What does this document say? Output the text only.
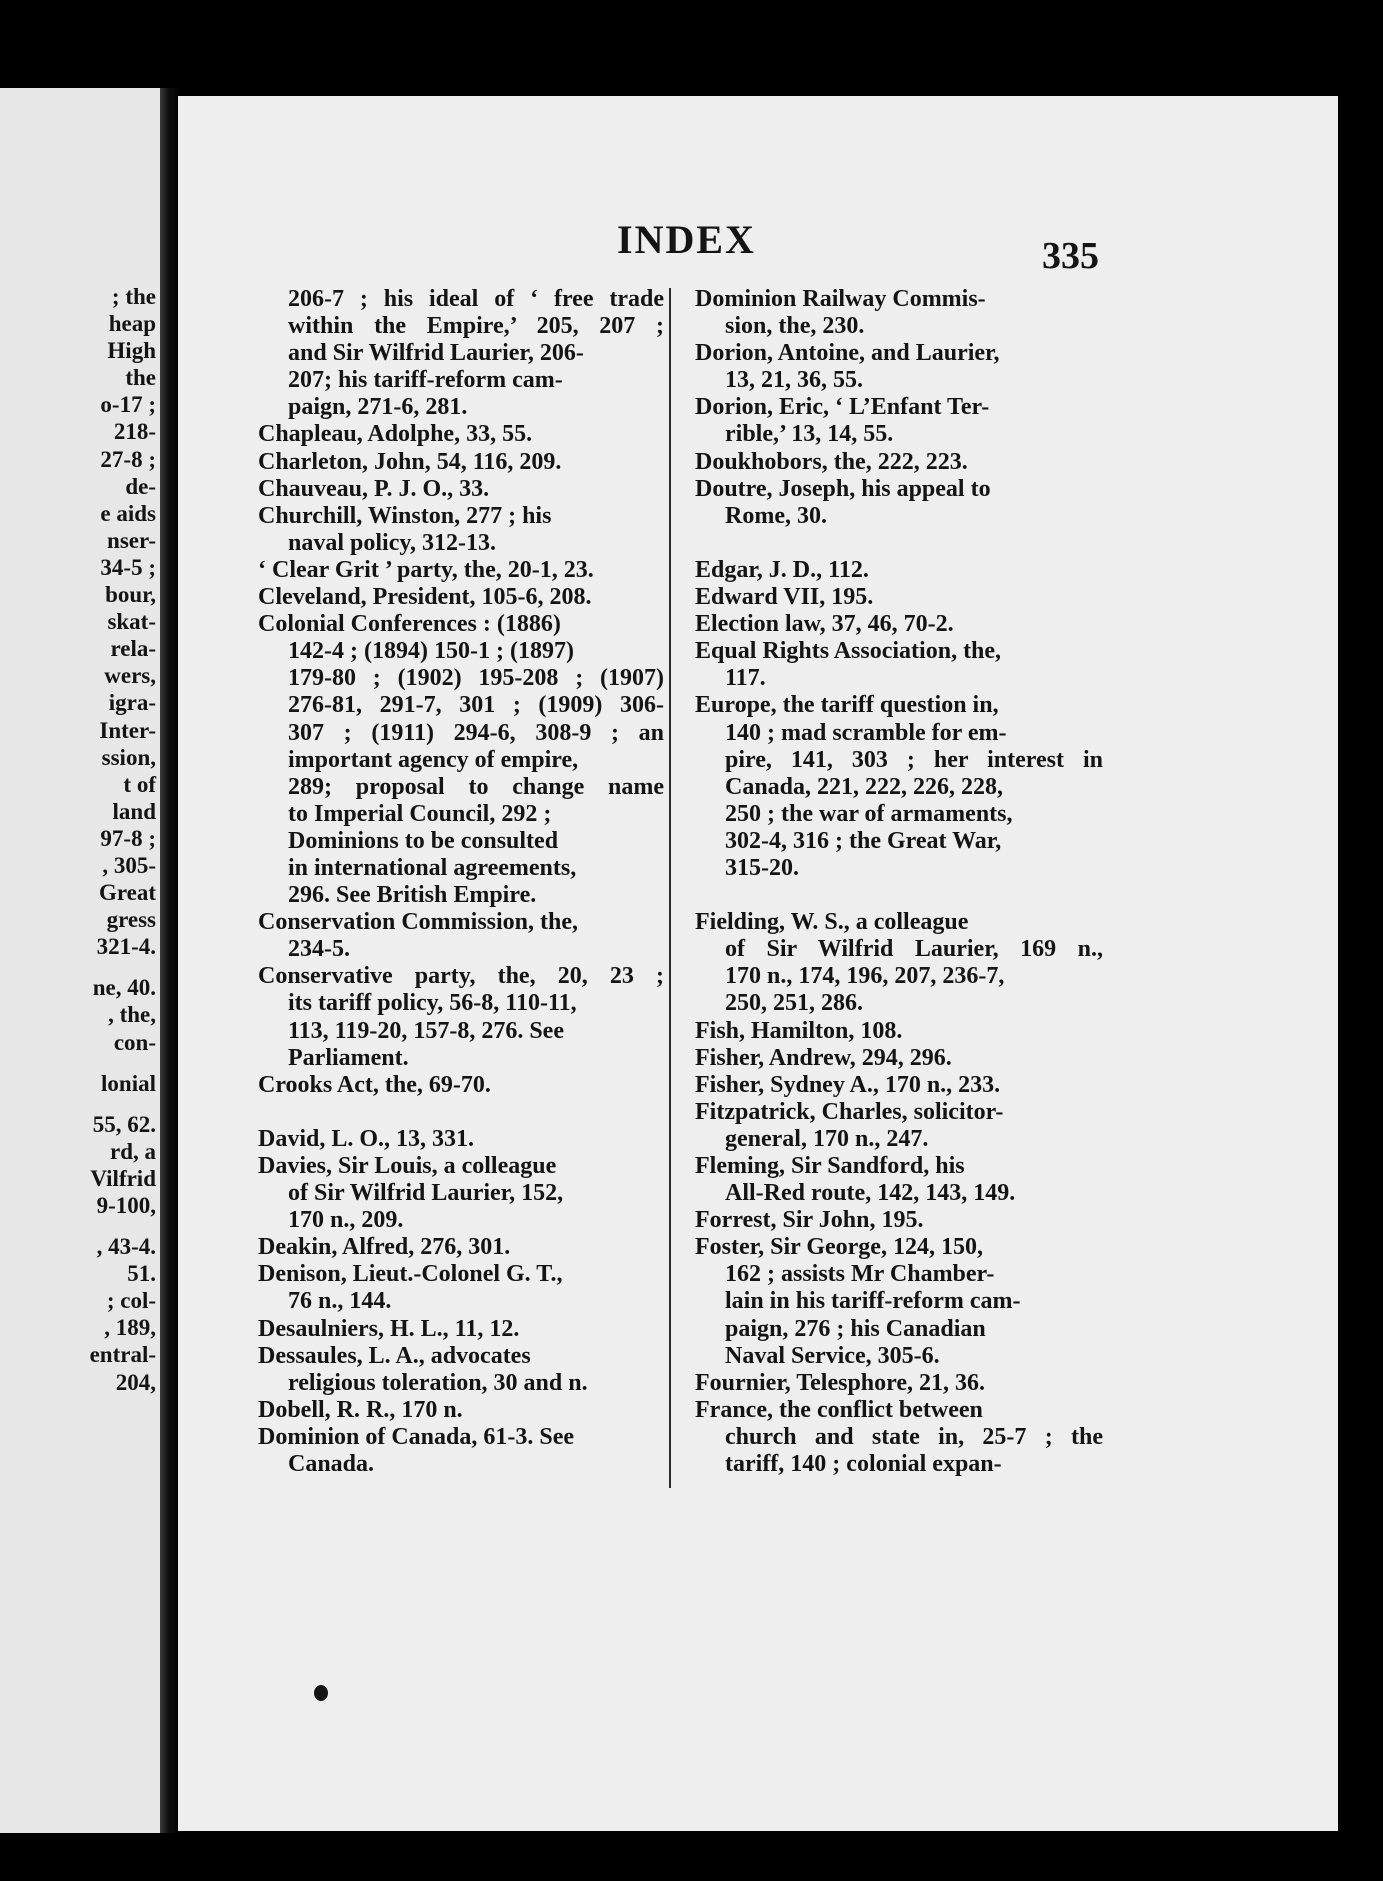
; the
heap
High
the
o-17 ;
218-
27-8 ;
de-
e aids
nser-
34-5 ;
bour,
skat-
rela-
wers,
igra-
Inter-
ssion,
t of
land
97-8 ;
, 305-
Great
gress
321-4.
ne, 40.
, the,
con-
lonial
55, 62.
rd, a
Vilfrid
9-100,
, 43-4.
51.
; col-
, 189,
entral-
204,
INDEX	335
206-7 ; his ideal of ‘ free trade
within the Empire,’ 205, 207 ;
and Sir Wilfrid Laurier, 206-
207; his tariff-reform cam-
paign, 271-6, 281.
Chapleau, Adolphe, 33, 55.
Charleton, John, 54, 116, 209.
Chauveau, P. J. O., 33.
Churchill, Winston, 277 ; his
naval policy, 312-13.
‘ Clear Grit ’ party, the, 20-1, 23.
Cleveland, President, 105-6, 208.
Colonial Conferences : (1886)
142-4 ; (1894) 150-1 ; (1897)
179-80 ; (1902) 195-208 ; (1907)
276-81, 291-7, 301 ; (1909) 306-
307 ; (1911) 294-6, 308-9 ; an
important agency of empire,
289; proposal to change name
to Imperial Council, 292 ;
Dominions to be consulted
in international agreements,
296. See British Empire.
Conservation Commission, the,
234-5.
Conservative party, the, 20, 23 ;
its tariff policy, 56-8, 110-11,
113, 119-20, 157-8, 276. See
Parliament.
Crooks Act, the, 69-70.
David, L. O., 13, 331.
Davies, Sir Louis, a colleague
of Sir Wilfrid Laurier, 152,
170 n., 209.
Deakin, Alfred, 276, 301.
Denison, Lieut.-Colonel G. T.,
76 n., 144.
Desaulniers, H. L., 11, 12.
Dessaules, L. A., advocates
religious toleration, 30 and n.
Dobell, R. R., 170 n.
Dominion of Canada, 61-3. See
Canada.
Dominion Railway Commis-
sion, the, 230.
Dorion, Antoine, and Laurier,
13, 21, 36, 55.
Dorion, Eric, ‘ L’Enfant Ter-
rible,’ 13, 14, 55.
Doukhobors, the, 222, 223.
Doutre, Joseph, his appeal to
Rome, 30.
Edgar, J. D., 112.
Edward VII, 195.
Election law, 37, 46, 70-2.
Equal Rights Association, the,
117.
Europe, the tariff question in,
140 ; mad scramble for em-
pire, 141, 303 ; her interest in
Canada, 221, 222, 226, 228,
250 ; the war of armaments,
302-4, 316 ; the Great War,
315-20.
Fielding, W. S., a colleague
of Sir Wilfrid Laurier, 169 n.,
170 n., 174, 196, 207, 236-7,
250, 251, 286.
Fish, Hamilton, 108.
Fisher, Andrew, 294, 296.
Fisher, Sydney A., 170 n., 233.
Fitzpatrick, Charles, solicitor-
general, 170 n., 247.
Fleming, Sir Sandford, his
All-Red route, 142, 143, 149.
Forrest, Sir John, 195.
Foster, Sir George, 124, 150,
162 ; assists Mr Chamber-
lain in his tariff-reform cam-
paign, 276 ; his Canadian
Naval Service, 305-6.
Fournier, Telesphore, 21, 36.
France, the conflict between
church and state in, 25-7 ; the
tariff, 140 ; colonial expan-
